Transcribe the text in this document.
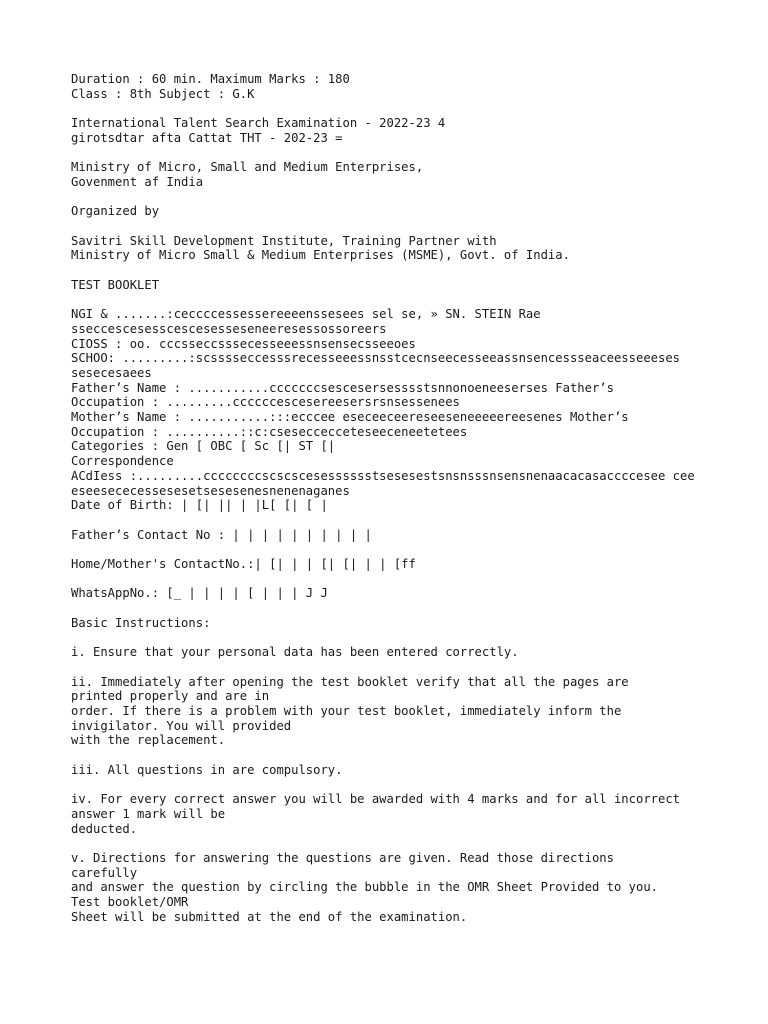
Duration : 60 min. Maximum Marks : 180
Class : 8th Subject : G.K
International Talent Search Examination - 2022-23 4
girotsdtar afta Cattat THT - 202-23 =
Ministry of Micro, Small and Medium Enterprises,
Govenment af India
Organized by
Savitri Skill Development Institute, Training Partner with
Ministry of Micro Small & Medium Enterprises (MSME), Govt. of India.
TEST BOOKLET
NGI & .......:ceccccessessereeeenssesees sel se, » SN. STEIN Rae
sseccescesesscescesesseseneeresessossoreers
CIOSS : oo. cccsseccsssecesseeessnsensecsseeoes
SCHOO: .........:scsssseccesssrecesseeessnsstcecnseecesseeassnsencessseaceesseeeses
sesecesaees
Father’s Name : ...........cccccccsescesersesssstsnnonoeneeserses Father’s
Occupation : .........ccccccescesereesersrsnsessenees
Mother’s Name : ...........:::ecccee eseceeceereseeseneeeeereesenes Mother’s
Occupation : ..........::c:cseseccecceteseeceneetetees
Categories : Gen [ OBC [ Sc [| ST [|
Correspondence
ACdIess :.........ccccccccscscscesesssssstsesesestsnsnsssnsensnenaacacasaccccesee cee
eseesececessesesetsesesenesnenenaganes
Date of Birth: | [| || | |L[ [| [ |
Father’s Contact No : | | | | | | | | | |
Home/Mother's ContactNo.:| [| | | [| [| | | [ff
WhatsAppNo.: [_ | | | | [ | | | J J
Basic Instructions:
i. Ensure that your personal data has been entered correctly.
ii. Immediately after opening the test booklet verify that all the pages are
printed properly and are in
order. If there is a problem with your test booklet, immediately inform the
invigilator. You will provided
with the replacement.
iii. All questions in are compulsory.
iv. For every correct answer you will be awarded with 4 marks and for all incorrect
answer 1 mark will be
deducted.
v. Directions for answering the questions are given. Read those directions
carefully
and answer the question by circling the bubble in the OMR Sheet Provided to you.
Test booklet/OMR
Sheet will be submitted at the end of the examination.
